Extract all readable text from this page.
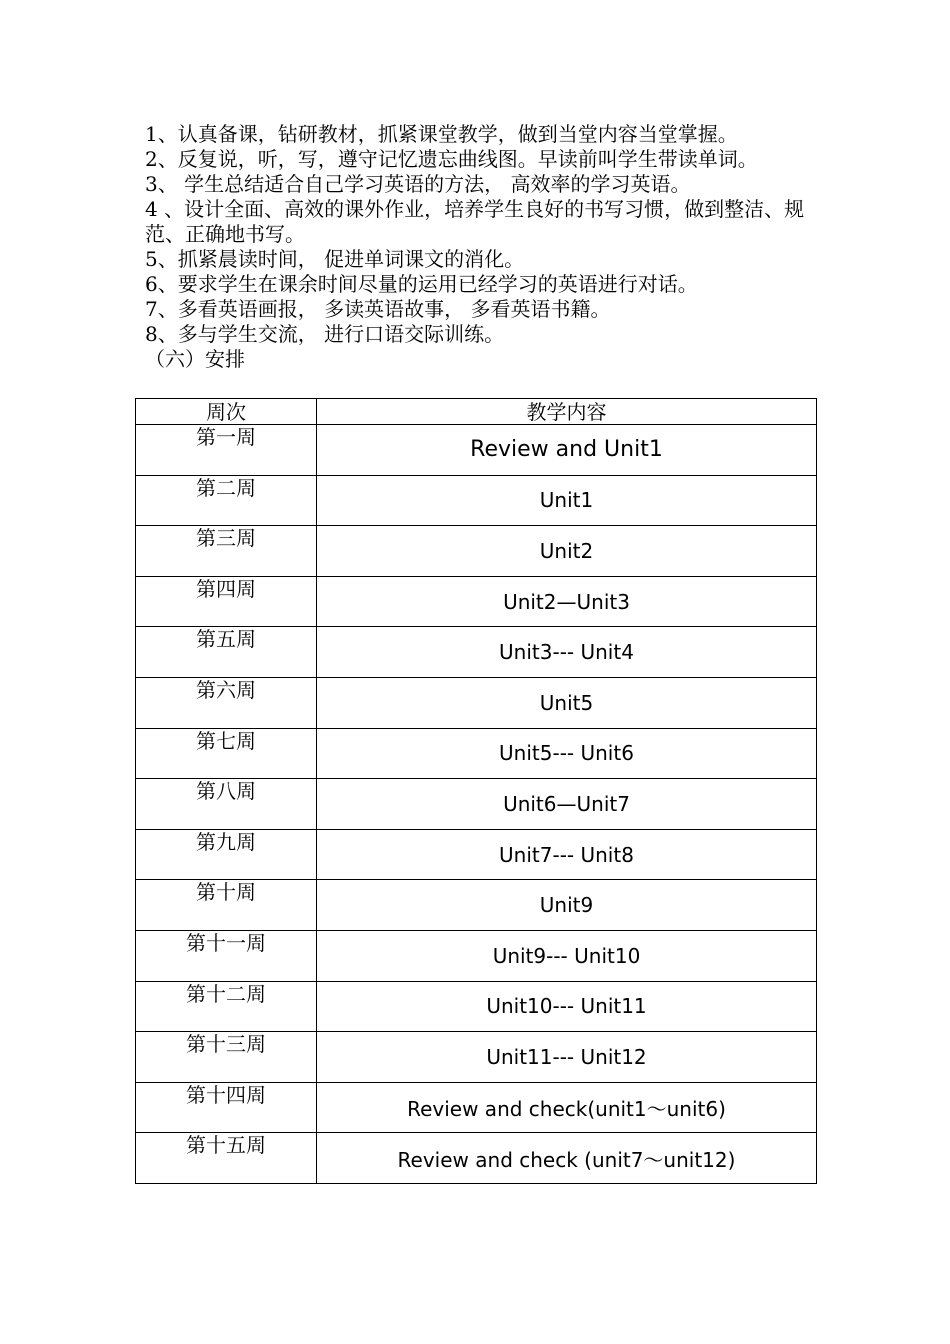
1、认真备课，钻研教材，抓紧课堂教学，做到当堂内容当堂掌握。
2、反复说，听，写，遵守记忆遗忘曲线图。早读前叫学生带读单词。
3、 学生总结适合自己学习英语的方法， 高效率的学习英语。
4 、设计全面、高效的课外作业，培养学生良好的书写习惯，做到整洁、规范、正确地书写。
5、抓紧晨读时间， 促进单词课文的消化。
6、要求学生在课余时间尽量的运用已经学习的英语进行对话。
7、多看英语画报， 多读英语故事， 多看英语书籍。
8、多与学生交流， 进行口语交际训练。
（六）安排
周次	教学内容
第一周	Review and Unit1
第二周	Unit1
第三周	Unit2
第四周	Unit2—Unit3
第五周	Unit3--- Unit4
第六周	Unit5
第七周	Unit5--- Unit6
第八周	Unit6—Unit7
第九周	Unit7--- Unit8
第十周	Unit9
第十一周	Unit9--- Unit10
第十二周	Unit10--- Unit11
第十三周	Unit11--- Unit12
第十四周	Review and check(unit1～unit6)
第十五周	Review and check (unit7～unit12)
